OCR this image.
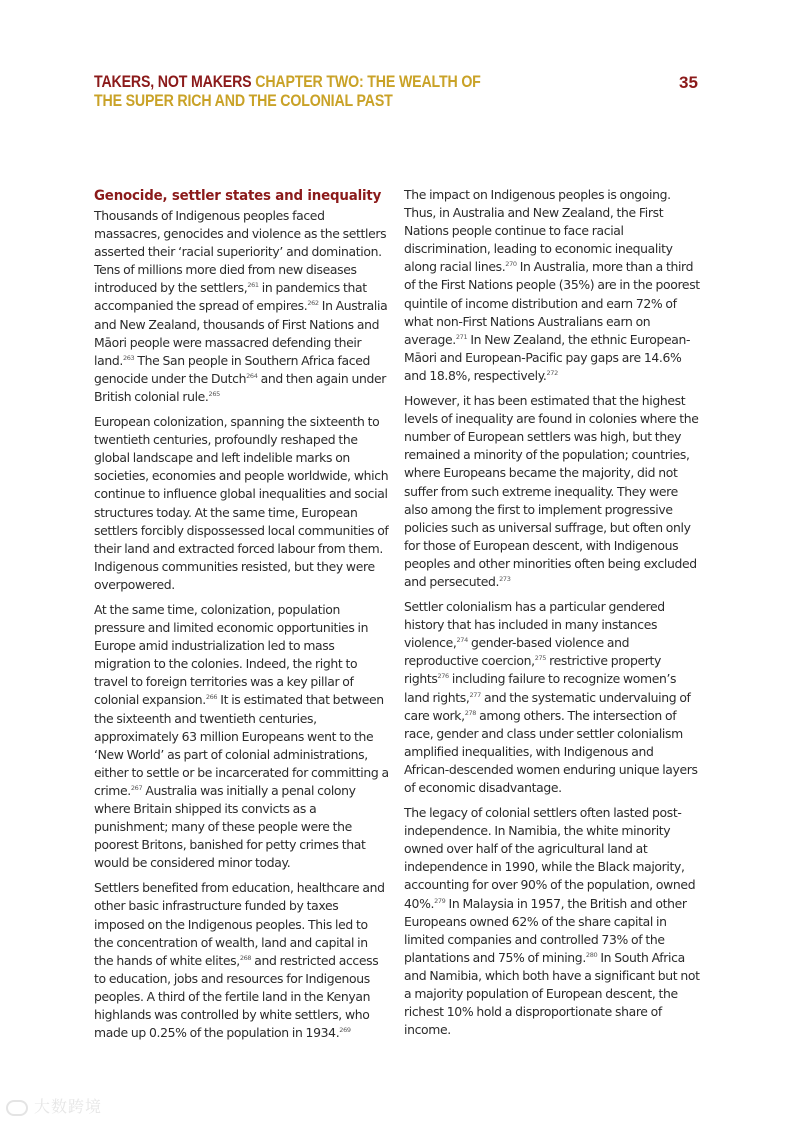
TAKERS, NOT MAKERS CHAPTER TWO: THE WEALTH OF THE SUPER RICH AND THE COLONIAL PAST
35
Genocide, settler states and inequality

Thousands of Indigenous peoples faced massacres, genocides and violence as the settlers asserted their ‘racial superiority’ and domination. Tens of millions more died from new diseases introduced by the settlers,$^{261}$ in pandemics that accompanied the spread of empires.$^{262}$ In Australia and New Zealand, thousands of First Nations and Māori people were massacred defending their land.$^{263}$ The San people in Southern Africa faced genocide under the Dutch$^{264}$ and then again under British colonial rule.$^{265}$

European colonization, spanning the sixteenth to twentieth centuries, profoundly reshaped the global landscape and left indelible marks on societies, economies and people worldwide, which continue to influence global inequalities and social structures today. At the same time, European settlers forcibly dispossessed local communities of their land and extracted forced labour from them. Indigenous communities resisted, but they were overpowered.

At the same time, colonization, population pressure and limited economic opportunities in Europe amid industrialization led to mass migration to the colonies. Indeed, the right to travel to foreign territories was a key pillar of colonial expansion.$^{266}$ It is estimated that between the sixteenth and twentieth centuries, approximately 63 million Europeans went to the ‘New World’ as part of colonial administrations, either to settle or be incarcerated for committing a crime.$^{267}$ Australia was initially a penal colony where Britain shipped its convicts as a punishment; many of these people were the poorest Britons, banished for petty crimes that would be considered minor today.

Settlers benefited from education, healthcare and other basic infrastructure funded by taxes imposed on the Indigenous peoples. This led to the concentration of wealth, land and capital in the hands of white elites,$^{268}$ and restricted access to education, jobs and resources for Indigenous peoples. A third of the fertile land in the Kenyan highlands was controlled by white settlers, who made up 0.25% of the population in 1934.$^{269}$

The impact on Indigenous peoples is ongoing. Thus, in Australia and New Zealand, the First Nations people continue to face racial discrimination, leading to economic inequality along racial lines.$^{270}$ In Australia, more than a third of the First Nations people (35%) are in the poorest quintile of income distribution and earn 72% of what non-First Nations Australians earn on average.$^{271}$ In New Zealand, the ethnic European- Māori and European-Pacific pay gaps are 14.6% and 18.8%, respectively.$^{272}$

However, it has been estimated that the highest levels of inequality are found in colonies where the number of European settlers was high, but they remained a minority of the population; countries, where Europeans became the majority, did not suffer from such extreme inequality. They were also among the first to implement progressive policies such as universal suffrage, but often only for those of European descent, with Indigenous peoples and other minorities often being excluded and persecuted.$^{273}$

Settler colonialism has a particular gendered history that has included in many instances violence,$^{274}$ gender-based violence and reproductive coercion,$^{275}$ restrictive property rights$^{276}$ including failure to recognize women’s land rights,$^{277}$ and the systematic undervaluing of care work,$^{278}$ among others. The intersection of race, gender and class under settler colonialism amplified inequalities, with Indigenous and African-descended women enduring unique layers of economic disadvantage.

The legacy of colonial settlers often lasted post-independence. In Namibia, the white minority owned over half of the agricultural land at independence in 1990, while the Black majority, accounting for over 90% of the population, owned 40%.$^{279}$ In Malaysia in 1957, the British and other Europeans owned 62% of the share capital in limited companies and controlled 73% of the plantations and 75% of mining.$^{280}$ In South Africa and Namibia, which both have a significant but not a majority population of European descent, the richest 10% hold a disproportionate share of income.

大数跨境
